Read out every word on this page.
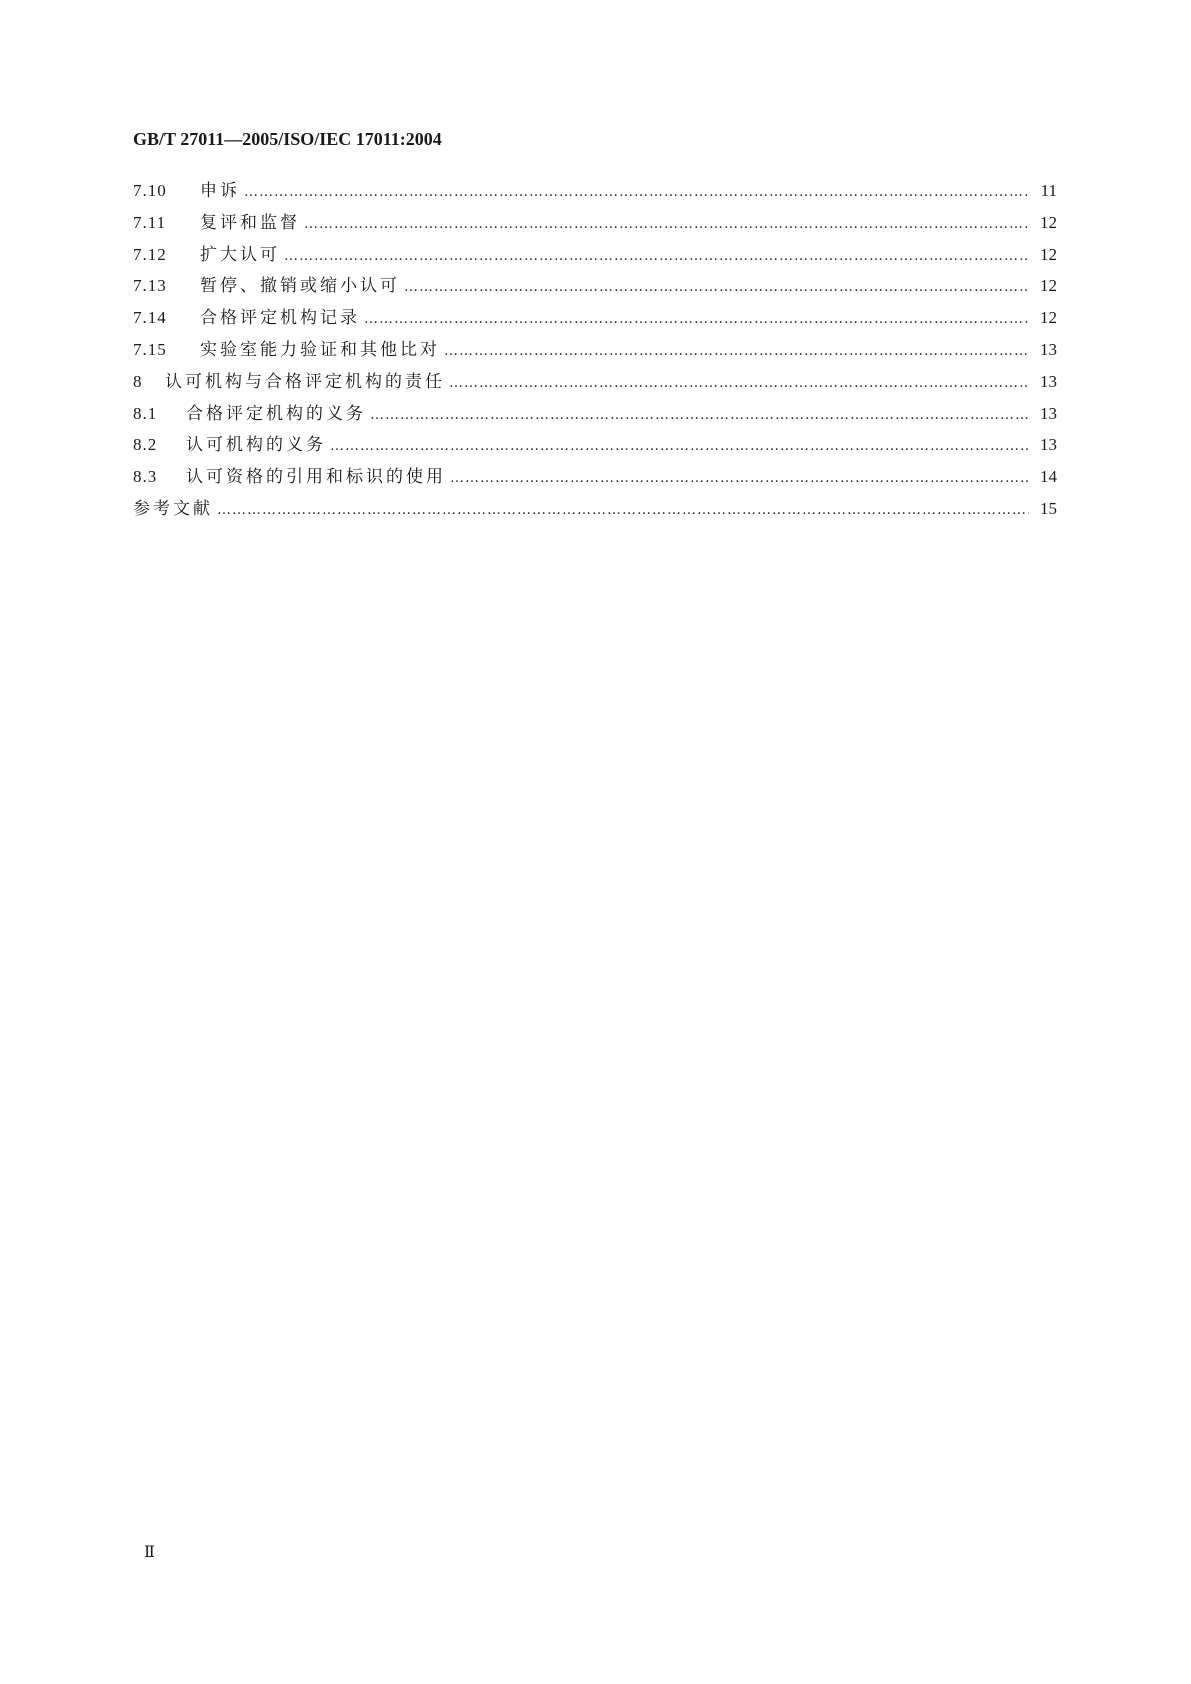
GB/T 27011—2005/ISO/IEC 17011:2004
7.10	申诉 ……………………………………………………………………………………………………………………………………………………………………………………………………………………………………………………	11
7.11	复评和监督 ……………………………………………………………………………………………………………………………………………………………………………………………………………………………………………………	12
7.12	扩大认可 ……………………………………………………………………………………………………………………………………………………………………………………………………………………………………………………	12
7.13	暂停、撤销或缩小认可 ……………………………………………………………………………………………………………………………………………………………………………………………………………………………………………………	12
7.14	合格评定机构记录 ……………………………………………………………………………………………………………………………………………………………………………………………………………………………………………………	12
7.15	实验室能力验证和其他比对 ……………………………………………………………………………………………………………………………………………………………………………………………………………………………………………………	13
8	认可机构与合格评定机构的责任 ……………………………………………………………………………………………………………………………………………………………………………………………………………………………………………………	13
8.1	合格评定机构的义务 ……………………………………………………………………………………………………………………………………………………………………………………………………………………………………………………	13
8.2	认可机构的义务 ……………………………………………………………………………………………………………………………………………………………………………………………………………………………………………………	13
8.3	认可资格的引用和标识的使用 ……………………………………………………………………………………………………………………………………………………………………………………………………………………………………………………	14
参考文献 ……………………………………………………………………………………………………………………………………………………………………………………………………………………………………………………	15
Ⅱ
